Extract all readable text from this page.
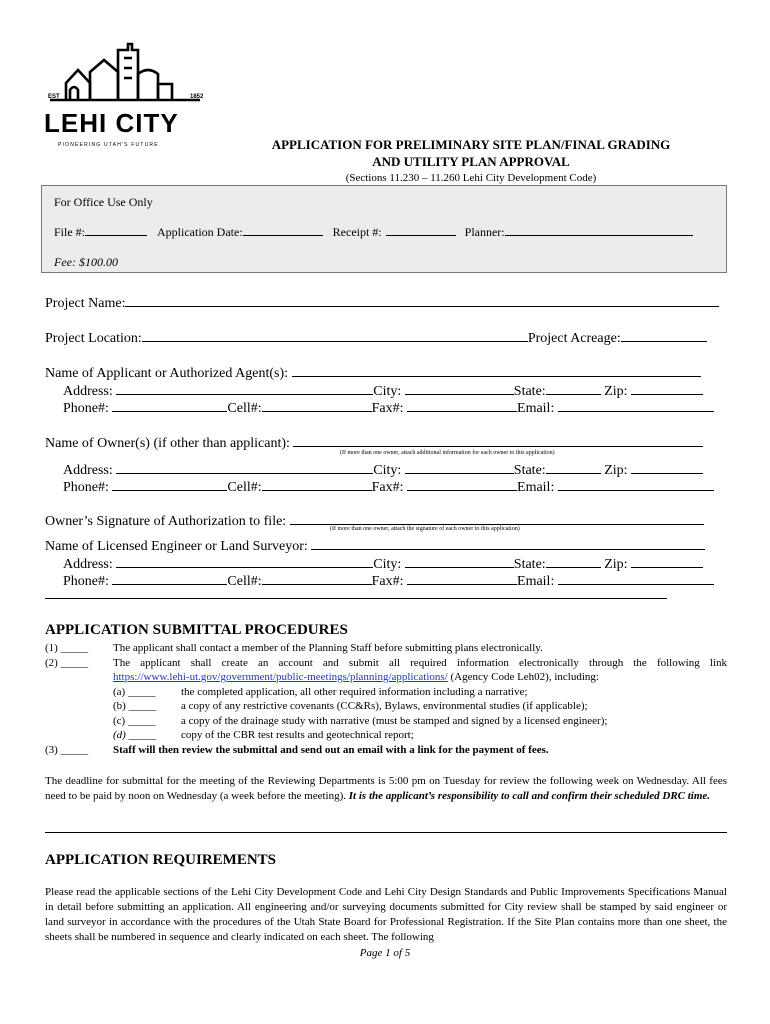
EST	1852
LEHI CITY
PIONEERING UTAH'S FUTURE	APPLICATION FOR PRELIMINARY SITE PLAN/FINAL GRADING
AND UTILITY PLAN APPROVAL
(Sections 11.230 – 11.260 Lehi City Development Code)
For Office Use Only
File #:	Application Date:	Receipt #:	Planner:
Fee: $100.00
Project Name:
Project Location:	Project Acreage:
Name of Applicant or Authorized Agent(s):
Address:	City:	State:	Zip:
Phone#:	Cell#:	Fax#:	Email:
Name of Owner(s) (if other than applicant):
(If more than one owner, attach additional information for each owner to this application)
Address:	City:	State:	Zip:
Phone#:	Cell#:	Fax#:	Email:
Owner’s Signature of Authorization to file:	(If more than one owner, attach the signature of each owner to this application)
Name of Licensed Engineer or Land Surveyor:
Address:	City:	State:	Zip:
Phone#:	Cell#:	Fax#:	Email:
APPLICATION SUBMITTAL PROCEDURES
(1) _____ The applicant shall contact a member of the Planning Staff before submitting plans electronically.
(2) _____ The applicant shall create an account and submit all required information electronically through the following link
https://www.lehi-ut.gov/government/public-meetings/planning/applications/ (Agency Code Leh02), including:
(a) _____ the completed application, all other required information including a narrative;
(b) _____ a copy of any restrictive covenants (CC&Rs), Bylaws, environmental studies (if applicable);
(c) _____ a copy of the drainage study with narrative (must be stamped and signed by a licensed engineer);
(d) _____ copy of the CBR test results and geotechnical report;
(3) _____ Staff will then review the submittal and send out an email with a link for the payment of fees.
The deadline for submittal for the meeting of the Reviewing Departments is 5:00 pm on Tuesday for review the following week on Wednesday. All fees need to be paid by noon on Wednesday (a week before the meeting). It is the applicant’s responsibility to call and confirm their scheduled DRC time.
APPLICATION REQUIREMENTS
Please read the applicable sections of the Lehi City Development Code and Lehi City Design Standards and Public Improvements Specifications Manual in detail before submitting an application. All engineering and/or surveying documents submitted for City review shall be stamped by said engineer or land surveyor in accordance with the procedures of the Utah State Board for Professional Registration. If the Site Plan contains more than one sheet, the sheets shall be numbered in sequence and clearly indicated on each sheet. The following
Page 1 of 5
